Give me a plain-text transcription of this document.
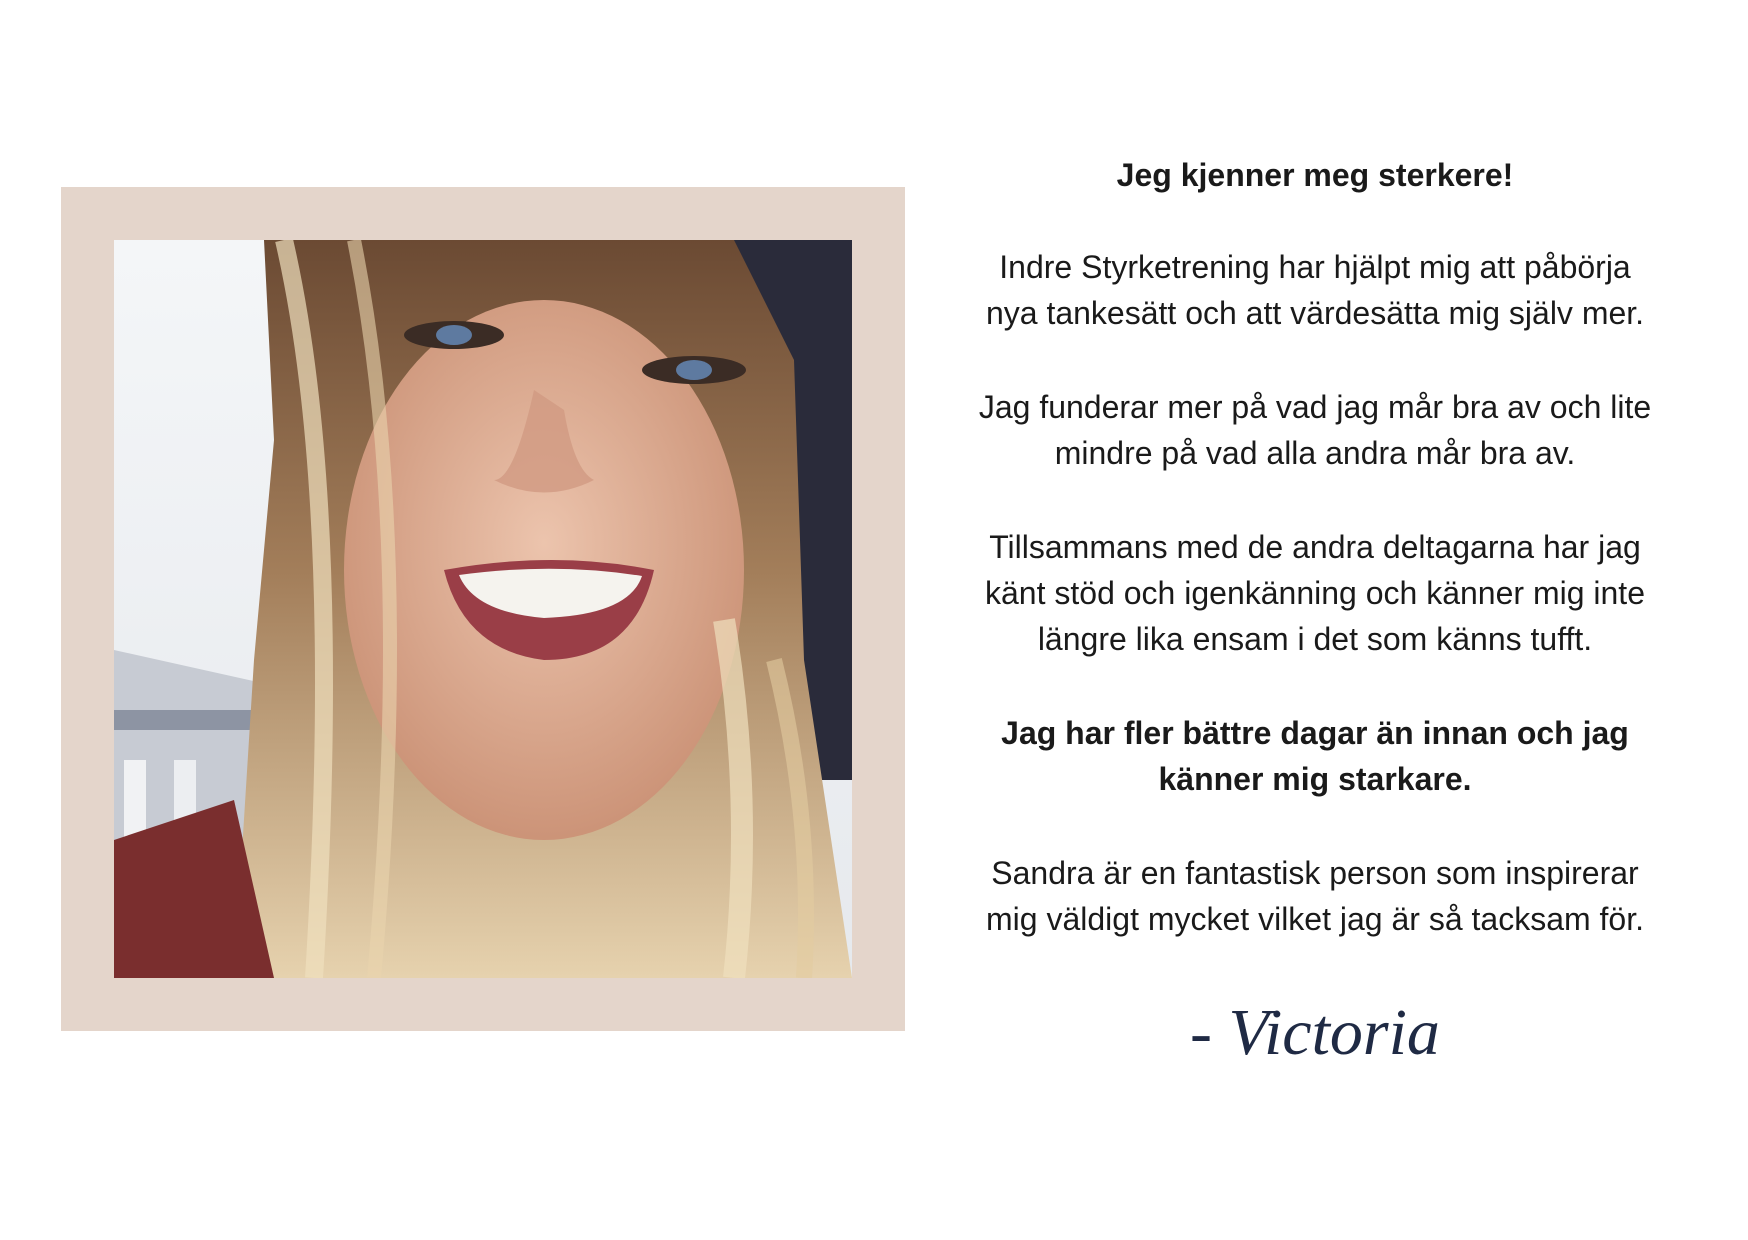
Jeg kjenner meg sterkere!

Indre Styrketrening har hjälpt mig att påbörja
nya tankesätt och att värdesätta mig själv mer.

Jag funderar mer på vad jag mår bra av och lite
mindre på vad alla andra mår bra av.

Tillsammans med de andra deltagarna har jag
känt stöd och igenkänning och känner mig inte
längre lika ensam i det som känns tufft.

Jag har fler bättre dagar än innan och jag
känner mig starkare.

Sandra är en fantastisk person som inspirerar
mig väldigt mycket vilket jag är så tacksam för.

- Victoria
